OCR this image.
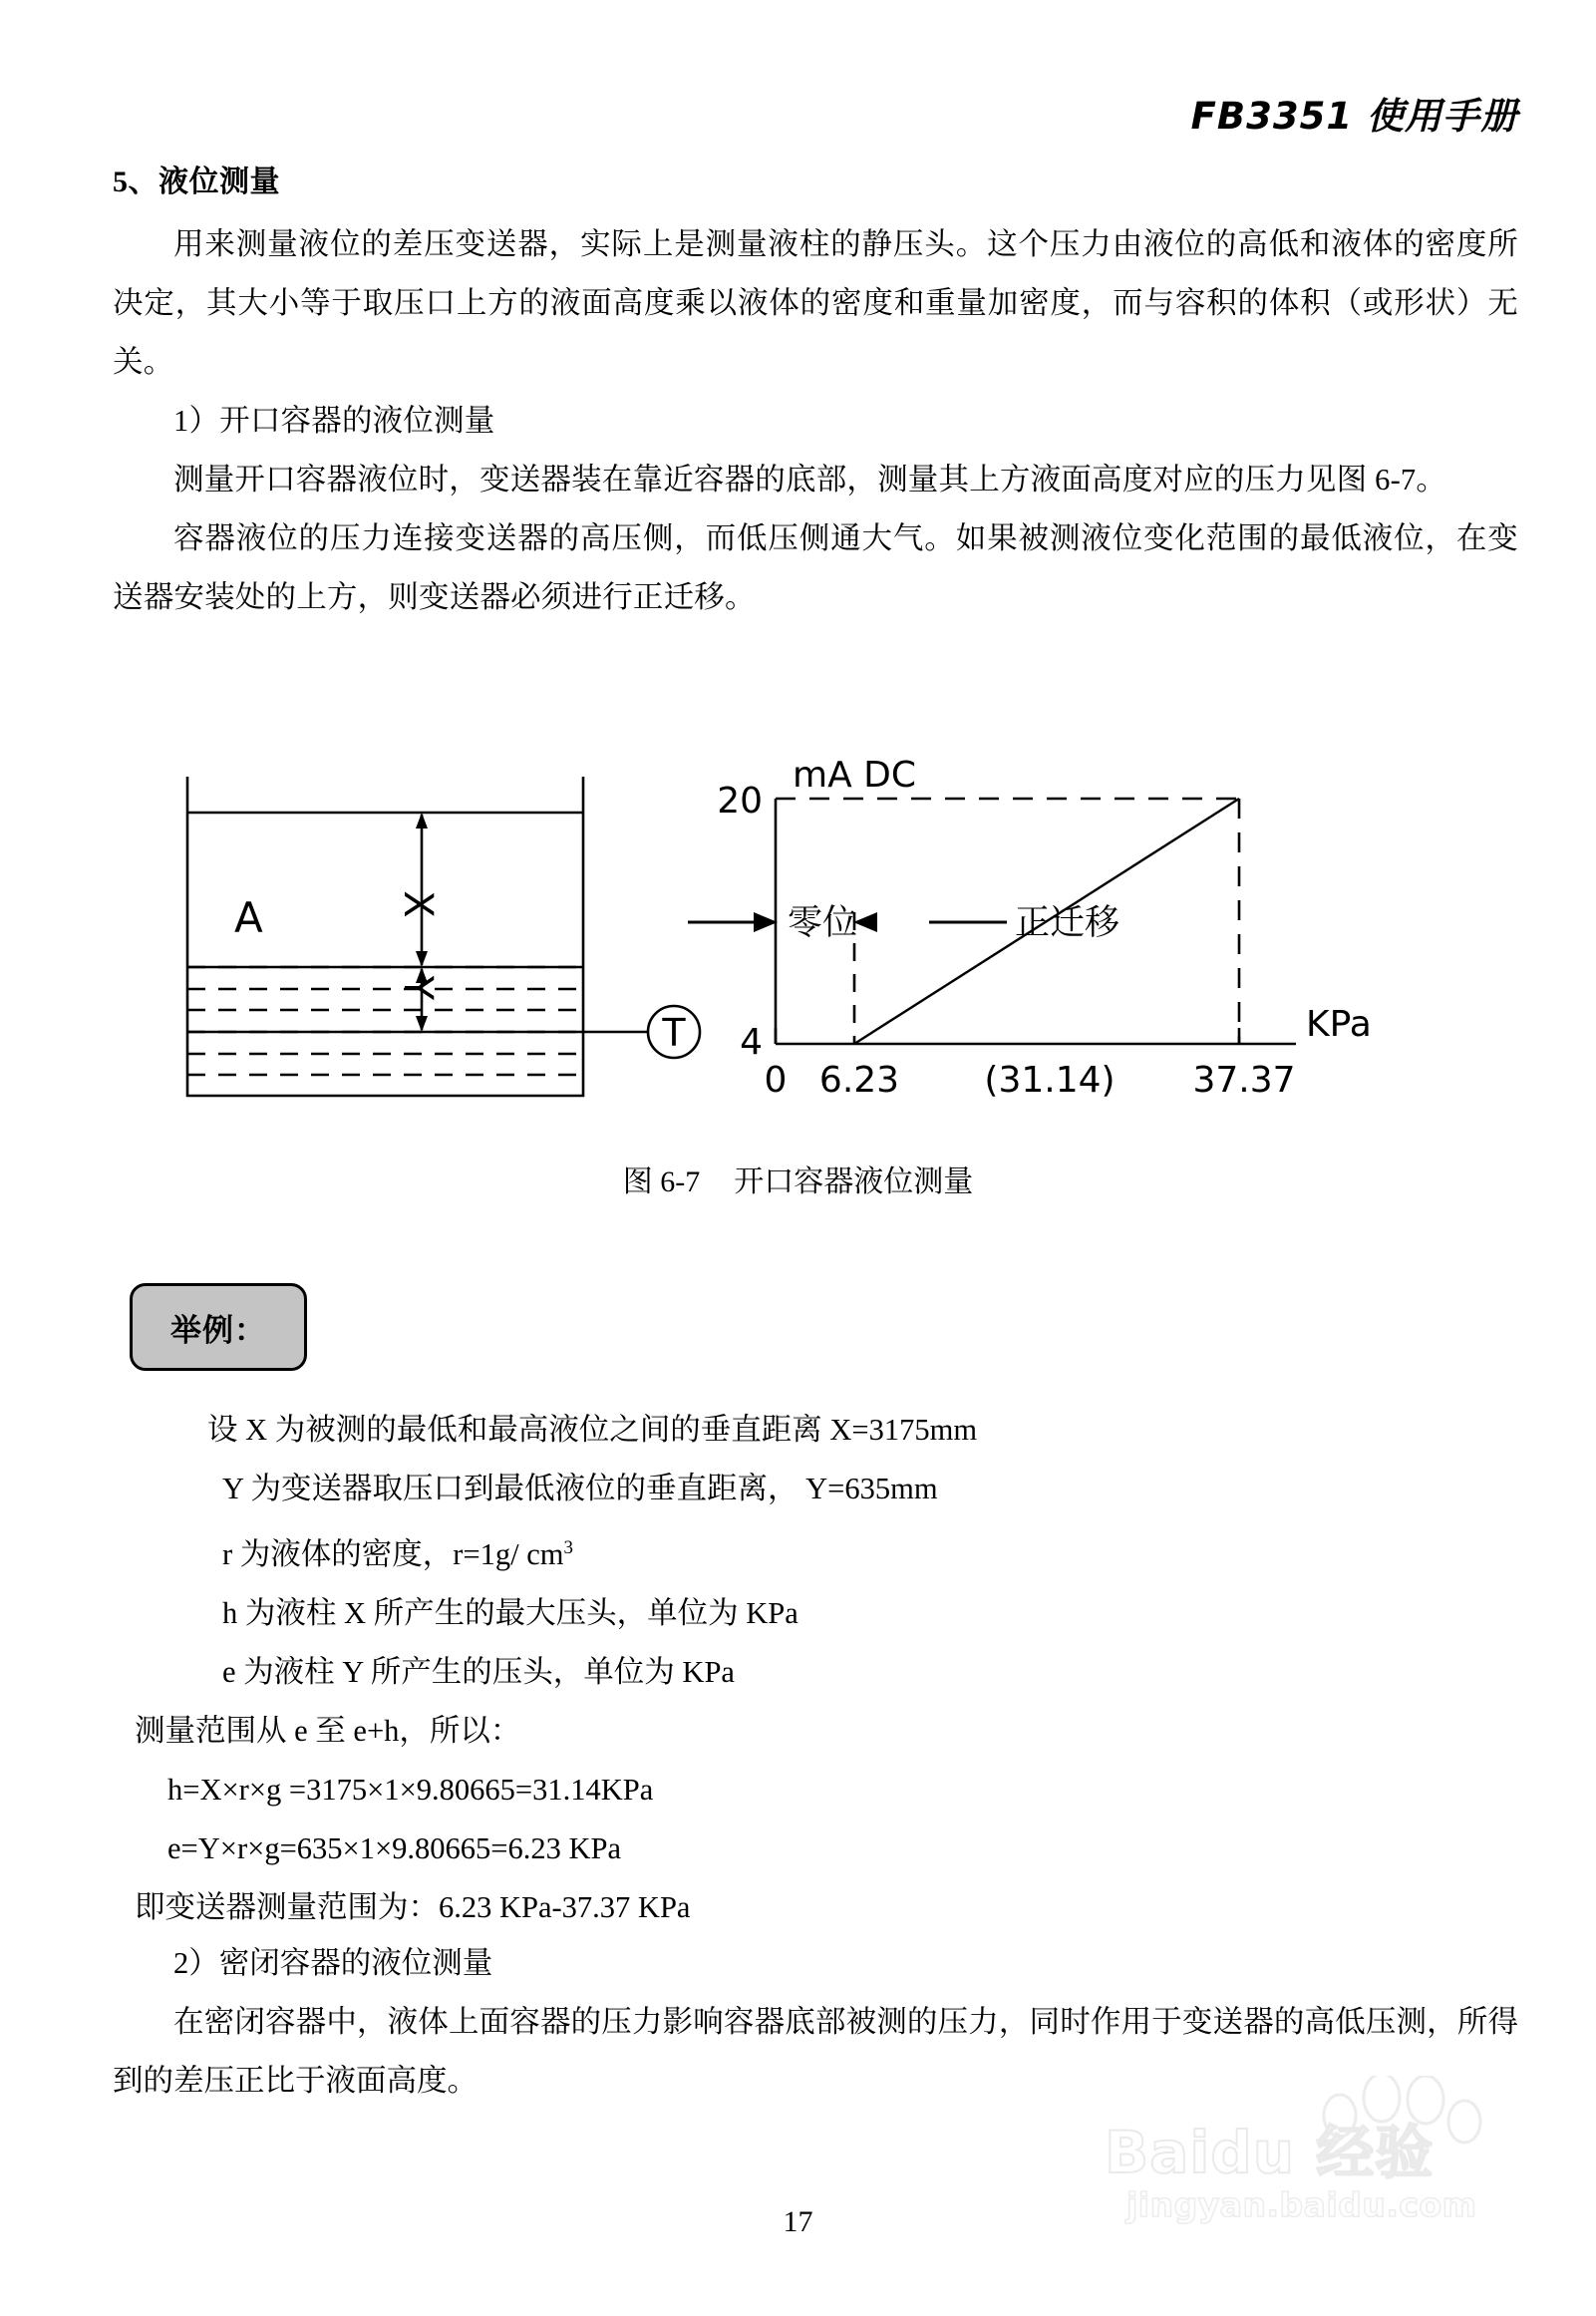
FB3351 使用手册
5、液位测量

用来测量液位的差压变送器，实际上是测量液柱的静压头。这个压力由液位的高低和液体的密度所决定，其大小等于取压口上方的液面高度乘以液体的密度和重量加密度，而与容积的体积（或形状）无关。

1）开口容器的液位测量

测量开口容器液位时，变送器装在靠近容器的底部，测量其上方液面高度对应的压力见图 6-7。

容器液位的压力连接变送器的高压侧，而低压侧通大气。如果被测液位变化范围的最低液位，在变送器安装处的上方，则变送器必须进行正迁移。

A	X
Y
T
mA DC
KPa
20
4
0 6.23 (31.14) 37.37
零位	正迁移
图 6-7 开口容器液位测量
举例：
设 X 为被测的最低和最高液位之间的垂直距离 X=3175mm
Y 为变送器取压口到最低液位的垂直距离， Y=635mm
r 为液体的密度，r=1g/ $cm^3$
h 为液柱 X 所产生的最大压头，单位为 KPa
e 为液柱 Y 所产生的压头，单位为 KPa
测量范围从 e 至 e+h，所以：
h=X×r×g =3175×1×9.80665=31.14KPa
e=Y×r×g=635×1×9.80665=6.23 KPa
即变送器测量范围为：6.23 KPa-37.37 KPa

2）密闭容器的液位测量

在密闭容器中，液体上面容器的压力影响容器底部被测的压力，同时作用于变送器的高低压测，所得到的差压正比于液面高度。

Baidu 经验
jingyan.baidu.com
17
